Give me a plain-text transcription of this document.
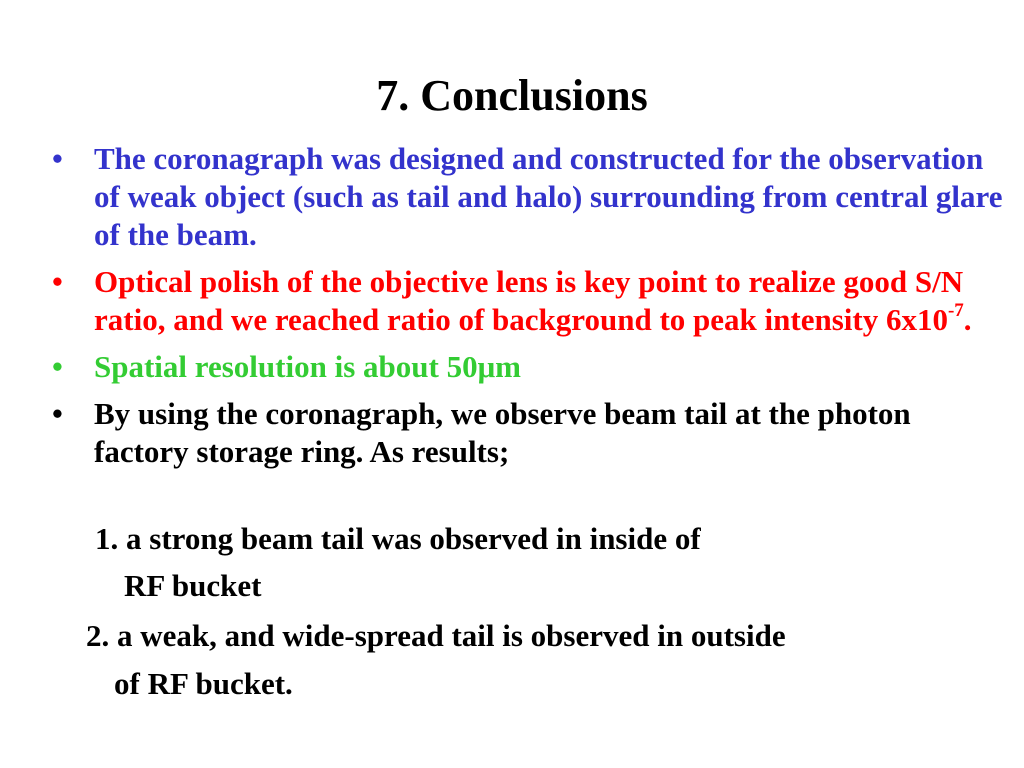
7. Conclusions
• The coronagraph was designed and constructed for the observation of weak object (such as tail and halo) surrounding from central glare of the beam.
• Optical polish of the objective lens is key point to realize good S/N ratio, and we reached ratio of background to peak intensity $6x10^{-7}$.
• Spatial resolution is about 50μm
• By using the coronagraph, we observe beam tail at the photon factory storage ring. As results;
1. a strong beam tail was observed in inside of
RF bucket
2. a weak, and wide-spread tail is observed in outside
of RF bucket.
